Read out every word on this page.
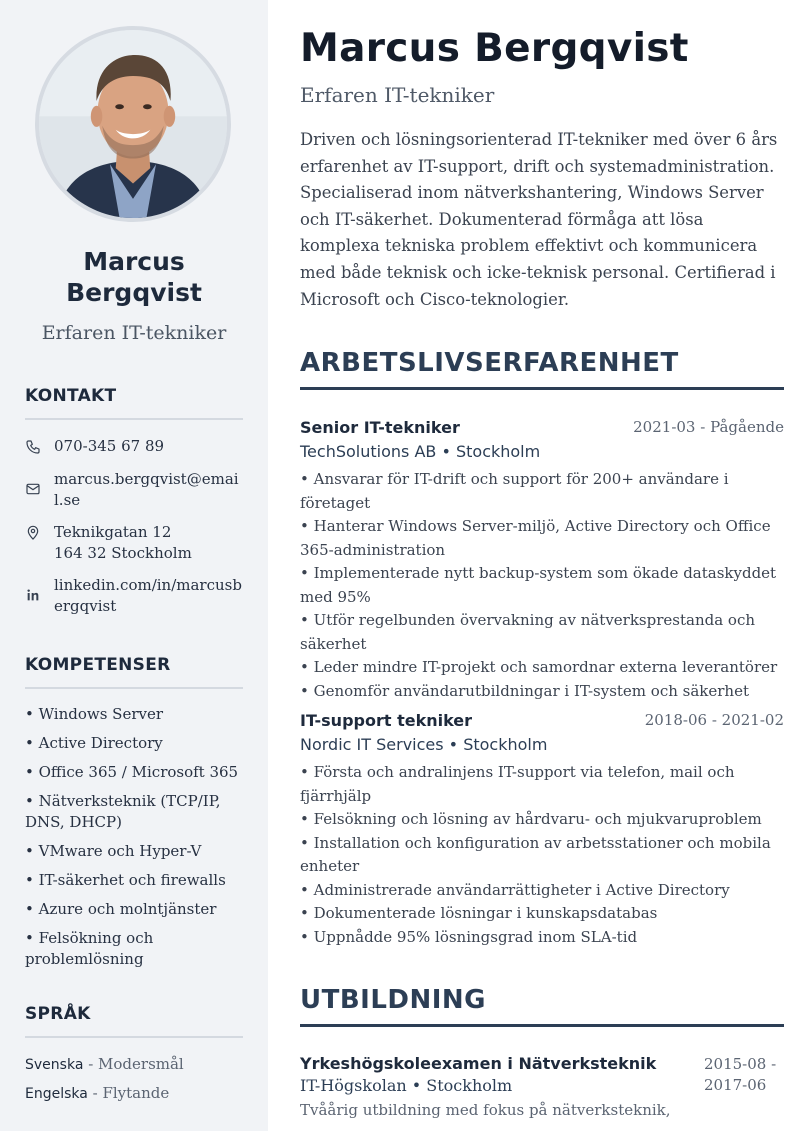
Marcus
Bergqvist
Erfaren IT-tekniker
KONTAKT
070-345 67 89
marcus.bergqvist@email.se
Teknikgatan 12
164 32 Stockholm
linkedin.com/in/marcusbergqvist
KOMPETENSER
• Windows Server
• Active Directory
• Office 365 / Microsoft 365
• Nätverksteknik (TCP/IP, DNS, DHCP)
• VMware och Hyper-V
• IT-säkerhet och firewalls
• Azure och molntjänster
• Felsökning och problemlösning
SPRÅK
Svenska - Modersmål
Engelska - Flytande
Marcus Bergqvist
Erfaren IT-tekniker

Driven och lösningsorienterad IT-tekniker med över 6 års erfarenhet av IT-support, drift och systemadministration. Specialiserad inom nätverkshantering, Windows Server och IT-säkerhet. Dokumenterad förmåga att lösa komplexa tekniska problem effektivt och kommunicera med både teknisk och icke-teknisk personal. Certifierad i Microsoft och Cisco-teknologier.

ARBETSLIVSERFARENHET
Senior IT-tekniker	2021-03 - Pågående
TechSolutions AB • Stockholm
• Ansvarar för IT-drift och support för 200+ användare i företaget
• Hanterar Windows Server-miljö, Active Directory och Office 365-administration
• Implementerade nytt backup-system som ökade dataskyddet med 95%
• Utför regelbunden övervakning av nätverksprestanda och säkerhet
• Leder mindre IT-projekt och samordnar externa leverantörer
• Genomför användarutbildningar i IT-system och säkerhet
IT-support tekniker	2018-06 - 2021-02
Nordic IT Services • Stockholm
• Första och andralinjens IT-support via telefon, mail och fjärrhjälp
• Felsökning och lösning av hårdvaru- och mjukvaruproblem
• Installation och konfiguration av arbetsstationer och mobila enheter
• Administrerade användarrättigheter i Active Directory
• Dokumenterade lösningar i kunskapsdatabas
• Uppnådde 95% lösningsgrad inom SLA-tid
UTBILDNING
Yrkeshögskoleexamen i Nätverksteknik	2015-08 - 2017-06
IT-Högskolan • Stockholm
Tvåårig utbildning med fokus på nätverksteknik,
